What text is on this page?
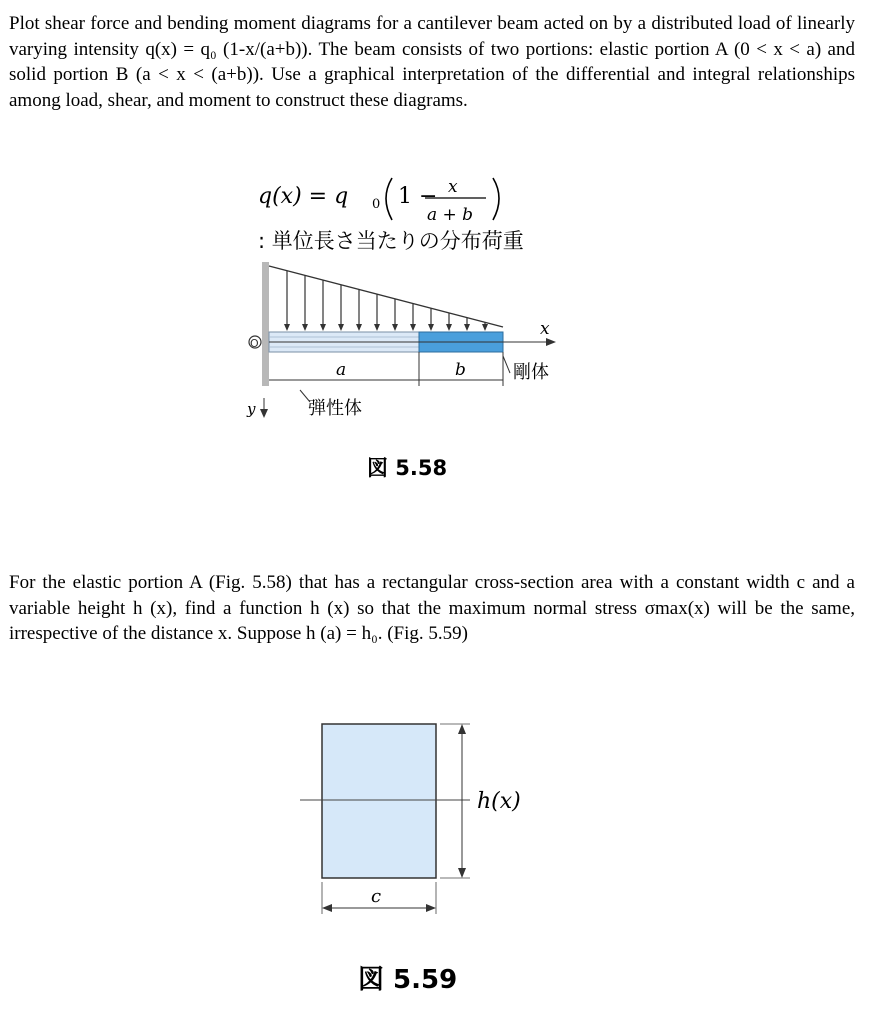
Plot shear force and bending moment diagrams for a cantilever beam acted on by a distributed load of linearly varying intensity q(x) = q₀ (1-x/(a+b)). The beam consists of two portions: elastic portion A (0 < x < a) and solid portion B (a < x < (a+b)). Use a graphical interpretation of the differential and integral relationships among load, shear, and moment to construct these diagrams.
q(x) = q 0 1 − x
a + b
: 単位長さ当たりの分布荷重
O
x
a	b	剛体
y	弾性体
図 5.58
For the elastic portion A (Fig. 5.58) that has a rectangular cross-section area with a constant width c and a variable height h (x), find a function h (x) so that the maximum normal stress σmax(x) will be the same, irrespective of the distance x. Suppose h (a) = h₀. (Fig. 5.59)
h(x)
c
図 5.59
